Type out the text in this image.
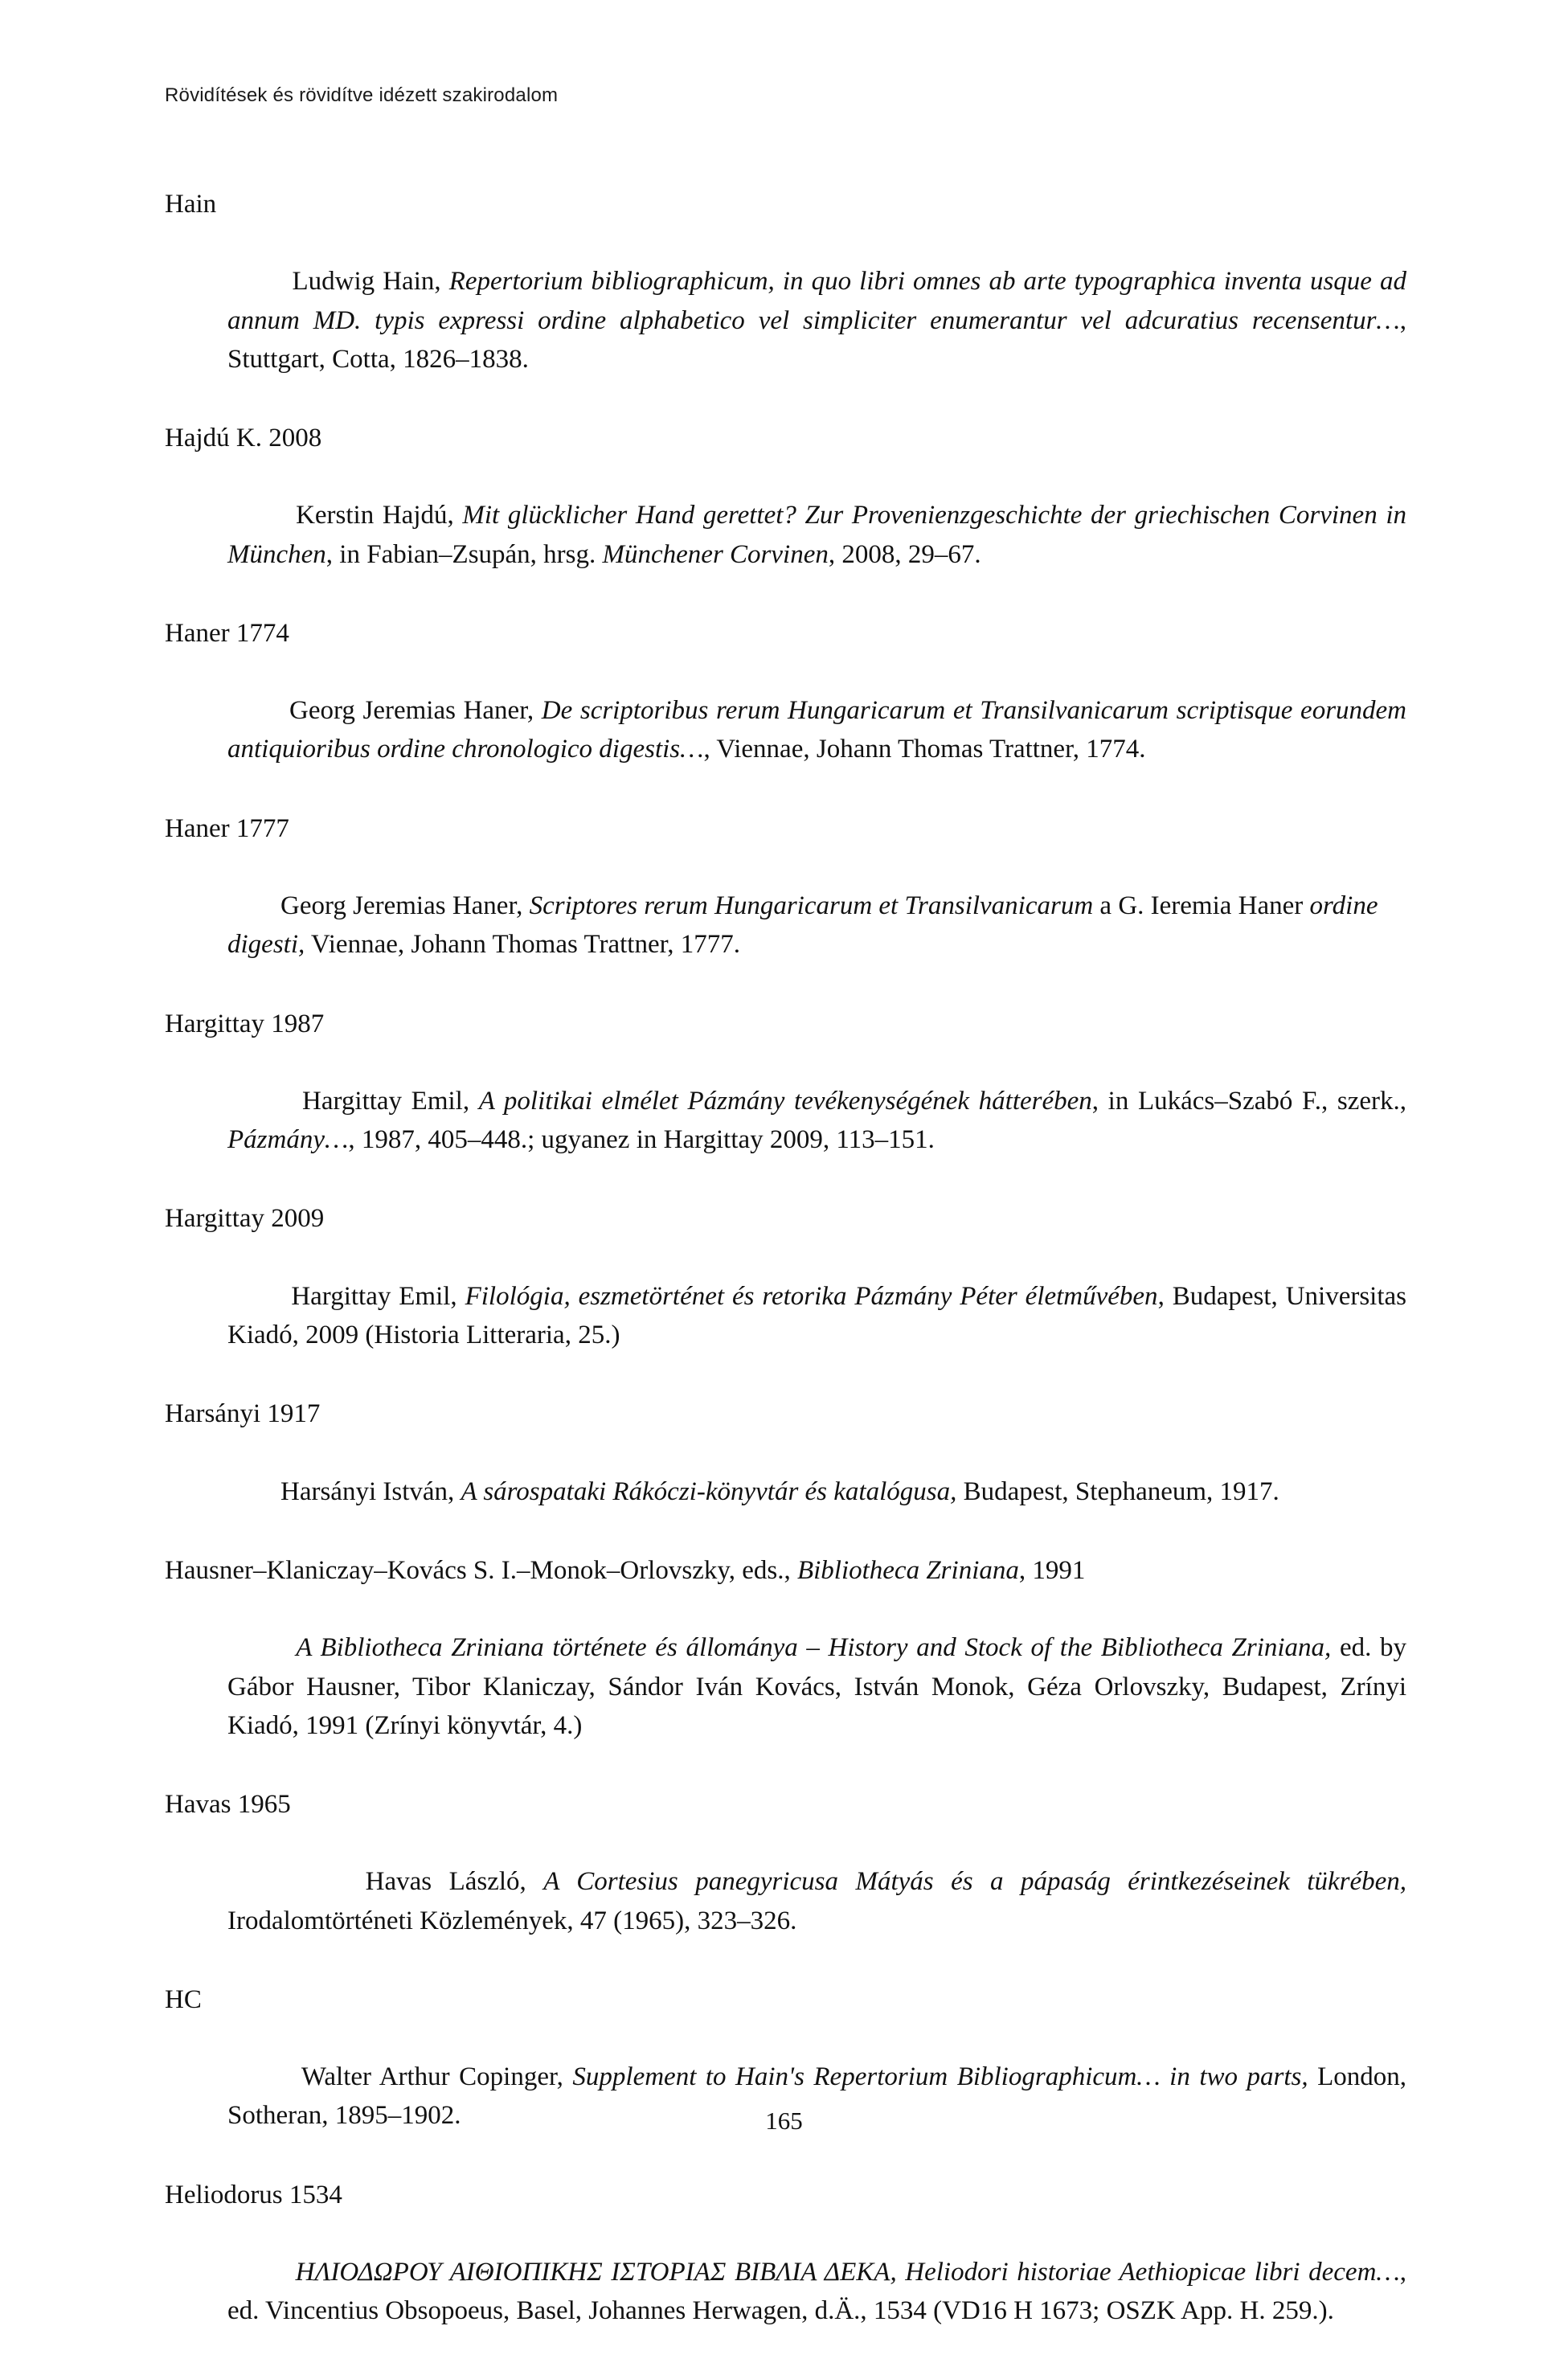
Rövidítések és rövidítve idézett szakirodalom

Hain

Ludwig Hain, Repertorium bibliographicum, in quo libri omnes ab arte typographica inventa usque ad annum MD. typis expressi ordine alphabetico vel simpliciter enumerantur vel adcuratius recensentur…, Stuttgart, Cotta, 1826–1838.

Hajdú K. 2008

Kerstin Hajdú, Mit glücklicher Hand gerettet? Zur Provenienzgeschichte der griechischen Corvinen in München, in Fabian–Zsupán, hrsg. Münchener Corvinen, 2008, 29–67.

Haner 1774

Georg Jeremias Haner, De scriptoribus rerum Hungaricarum et Transilvanicarum scriptisque eorundem antiquioribus ordine chronologico digestis…, Viennae, Johann Thomas Trattner, 1774.

Haner 1777

Georg Jeremias Haner, Scriptores rerum Hungaricarum et Transilvanicarum a G. Ieremia Haner ordine digesti, Viennae, Johann Thomas Trattner, 1777.

Hargittay 1987

Hargittay Emil, A politikai elmélet Pázmány tevékenységének hátterében, in Lukács–Szabó F., szerk., Pázmány…, 1987, 405–448.; ugyanez in Hargittay 2009, 113–151.

Hargittay 2009

Hargittay Emil, Filológia, eszmetörténet és retorika Pázmány Péter életművében, Budapest, Universitas Kiadó, 2009 (Historia Litteraria, 25.)

Harsányi 1917

Harsányi István, A sárospataki Rákóczi-könyvtár és katalógusa, Budapest, Stephaneum, 1917.

Hausner–Klaniczay–Kovács S. I.–Monok–Orlovszky, eds., Bibliotheca Zriniana, 1991

A Bibliotheca Zriniana története és állománya – History and Stock of the Bibliotheca Zriniana, ed. by Gábor Hausner, Tibor Klaniczay, Sándor Iván Kovács, István Monok, Géza Orlovszky, Budapest, Zrínyi Kiadó, 1991 (Zrínyi könyvtár, 4.)

Havas 1965

Havas László, A Cortesius panegyricusa Mátyás és a pápaság érintkezéseinek tükrében, Irodalomtörténeti Közlemények, 47 (1965), 323–326.

HC

Walter Arthur Copinger, Supplement to Hain's Repertorium Bibliographicum… in two parts, London, Sotheran, 1895–1902.

Heliodorus 1534

ΗΛΙΟΔΩΡΟΥ ΑΙΘΙΟΠΙΚΗΣ ΙΣΤΟΡΙΑΣ ΒΙΒΛΙΑ ΔΕΚΑ, Heliodori historiae Aethiopicae libri decem…, ed. Vincentius Obsopoeus, Basel, Johannes Herwagen, d.Ä., 1534 (VD16 H 1673; OSZK App. H. 259.).

165
